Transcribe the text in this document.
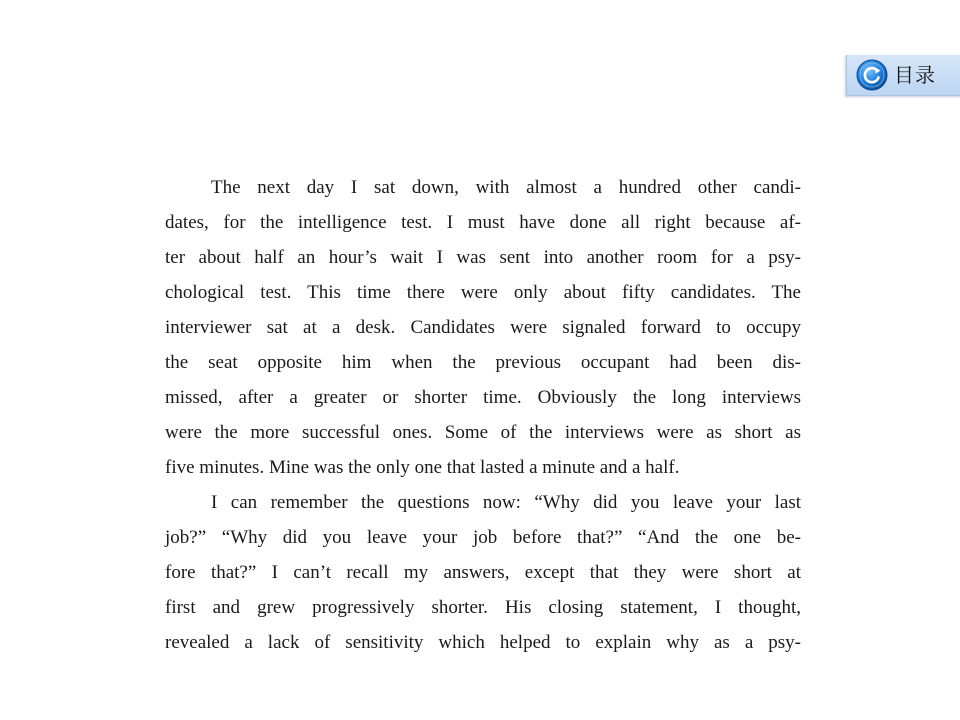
目录
The next day I sat down, with almost a hundred other candi-
dates, for the intelligence test. I must have done all right because af-
ter about half an hour’s wait I was sent into another room for a psy-
chological test. This time there were only about fifty candidates. The
interviewer sat at a desk. Candidates were signaled forward to occupy
the seat opposite him when the previous occupant had been dis-
missed, after a greater or shorter time. Obviously the long interviews
were the more successful ones. Some of the interviews were as short as
five minutes. Mine was the only one that lasted a minute and a half.
I can remember the questions now: “Why did you leave your last
job?” “Why did you leave your job before that?” “And the one be-
fore that?” I can’t recall my answers, except that they were short at
first and grew progressively shorter. His closing statement, I thought,
revealed a lack of sensitivity which helped to explain why as a psy-
